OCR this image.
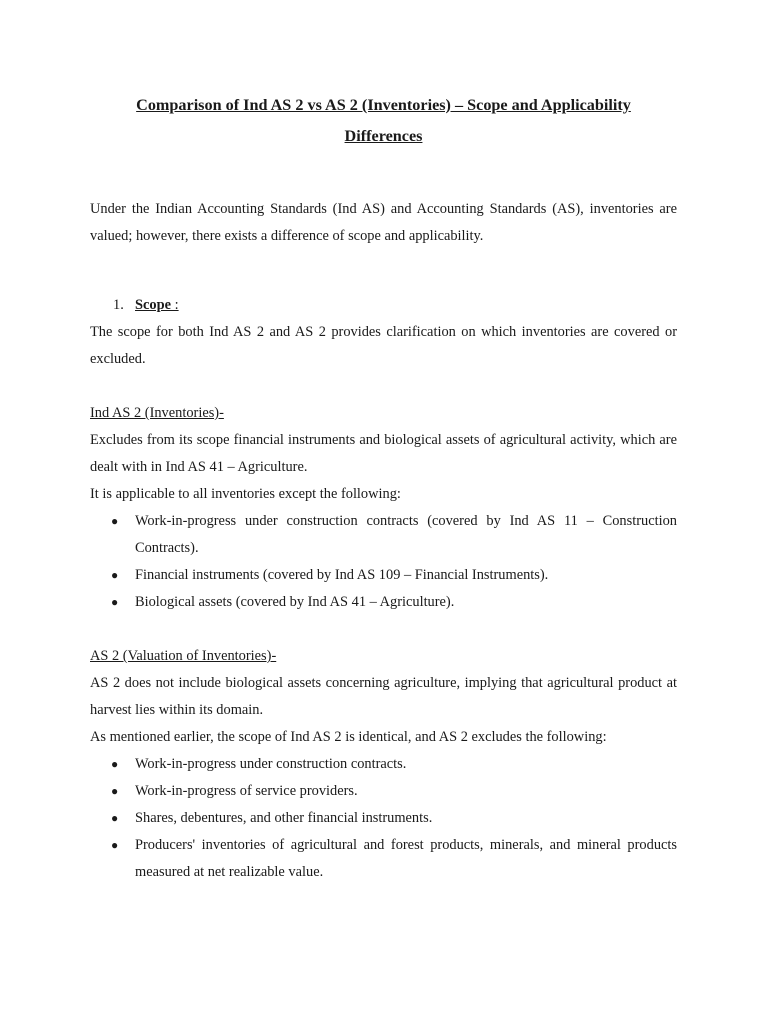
Comparison of Ind AS 2 vs AS 2 (Inventories) – Scope and Applicability
Differences

Under the Indian Accounting Standards (Ind AS) and Accounting Standards (AS), inventories are valued; however, there exists a difference of scope and applicability.

1. Scope :

The scope for both Ind AS 2 and AS 2 provides clarification on which inventories are covered or excluded.

Ind AS 2 (Inventories)-

Excludes from its scope financial instruments and biological assets of agricultural activity, which are dealt with in Ind AS 41 – Agriculture.

It is applicable to all inventories except the following:

● Work-in-progress under construction contracts (covered by Ind AS 11 – Construction Contracts).
● Financial instruments (covered by Ind AS 109 – Financial Instruments).
● Biological assets (covered by Ind AS 41 – Agriculture).

AS 2 (Valuation of Inventories)-

AS 2 does not include biological assets concerning agriculture, implying that agricultural product at harvest lies within its domain.

As mentioned earlier, the scope of Ind AS 2 is identical, and AS 2 excludes the following:

● Work-in-progress under construction contracts.
● Work-in-progress of service providers.
● Shares, debentures, and other financial instruments.
● Producers' inventories of agricultural and forest products, minerals, and mineral products measured at net realizable value.
